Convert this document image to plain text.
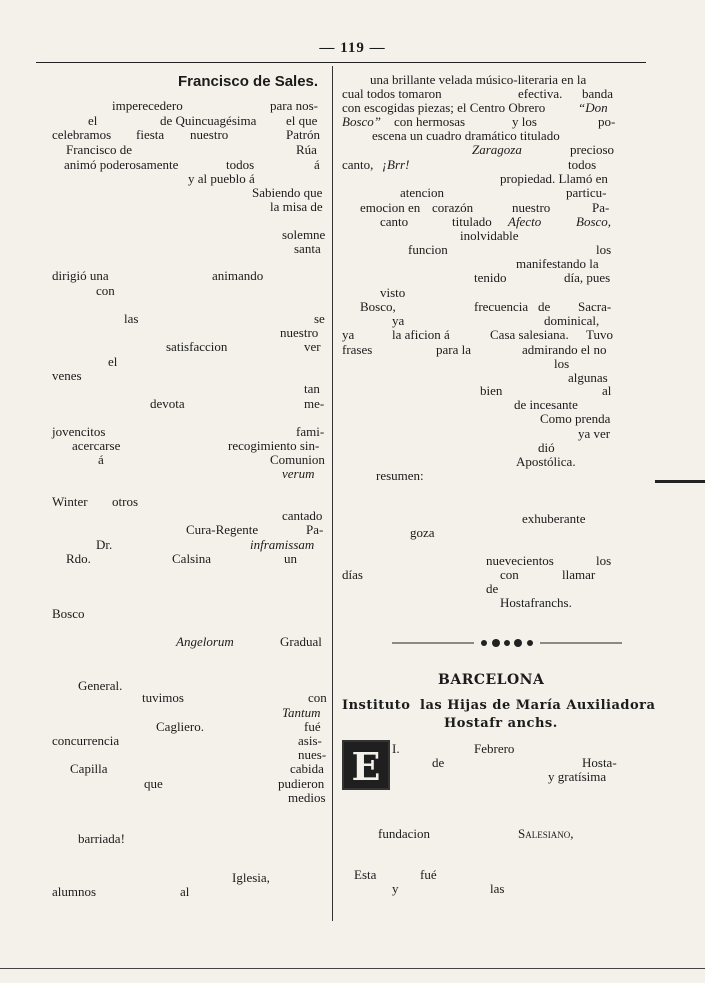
— 119 —
Francisco de Sales.
imperecedero	para nos-
el	de Quincuagésima el que
celebramos fiesta nuestro	Patrón
Francisco de	Rúa
animó poderosamente	todos	á
y al pueblo á
Sabiendo que
la misa de
solemne
santa
dirigió una	animando
con
las	se
nuestro
satisfaccion	ver
el
venes
tan
devota	me-
jovencitos	fami-
acercarse	recogimiento sin-
á	Comunion
verum
Winter otros
cantado
Cura-Regente	Pa-
Dr.	inframissam
Rdo.	Calsina	un
Bosco
Angelorum	Gradual
General.
tuvimos	con
Tantum
Cagliero.	fué
concurrencia	asis-
nues-
Capilla	cabida
que	pudieron
medios
barriada!
Iglesia,
alumnos	al
una brillante velada músico-literaria en la
cual todos tomaron	efectiva. banda
con escogidas piezas; el Centro Obrero	“Don
Bosco” con hermosas	y los	po-
escena un cuadro dramático titulado
Zaragoza	precioso
canto, ¡Brr!	todos
propiedad. Llamó en
atencion	particu-
emocion en corazón	nuestro	Pa-
canto	titulado Afecto	Bosco,
inolvidable
funcion	los
manifestando la
tenido	día, pues
visto
Bosco,	frecuencia de Sacra-
ya	dominical,
ya	la aficion á	Casa salesiana. Tuvo
frases	para la	admirando el no
los
algunas
bien	al
de incesante
Como prenda
ya ver
dió
Apostólica.
resumen:
exhuberante
goza
nuevecientos	los
días	con	llamar
de
Hostafranchs.
BARCELONA
Instituto las Hijas de María Auxiliadora
Hostafr anchs.
E I.	Febrero
de	Hosta-
y gratísima
fundacion	Salesiano,
Esta	fué
y	las
